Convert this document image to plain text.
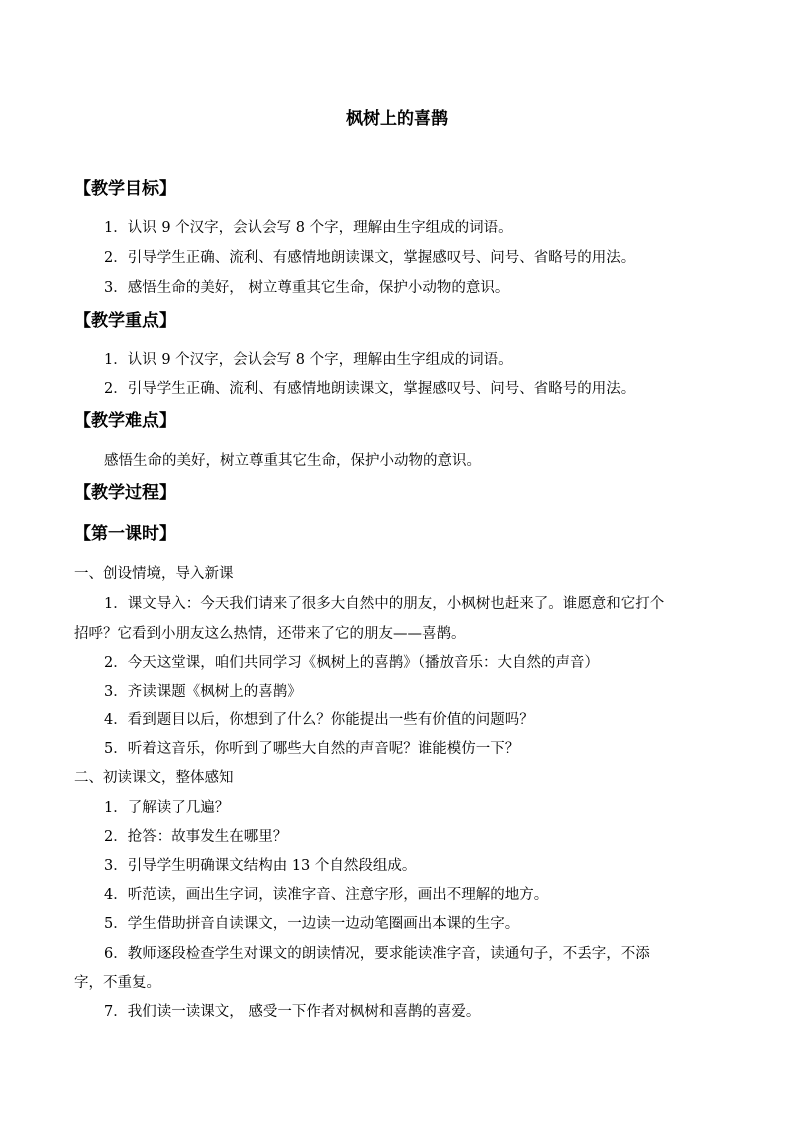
枫树上的喜鹊
【教学目标】
1．认识 9 个汉字，会认会写 8 个字，理解由生字组成的词语。
2．引导学生正确、流利、有感情地朗读课文，掌握感叹号、问号、省略号的用法。
3．感悟生命的美好， 树立尊重其它生命，保护小动物的意识。
【教学重点】
1．认识 9 个汉字，会认会写 8 个字，理解由生字组成的词语。
2．引导学生正确、流利、有感情地朗读课文，掌握感叹号、问号、省略号的用法。
【教学难点】
感悟生命的美好，树立尊重其它生命，保护小动物的意识。
【教学过程】
【第一课时】
一、创设情境，导入新课
1．课文导入：今天我们请来了很多大自然中的朋友，小枫树也赶来了。谁愿意和它打个
招呼？它看到小朋友这么热情，还带来了它的朋友——喜鹊。
2．今天这堂课，咱们共同学习《枫树上的喜鹊》（播放音乐：大自然的声音）
3．齐读课题《枫树上的喜鹊》
4．看到题目以后，你想到了什么？你能提出一些有价值的问题吗？
5．听着这音乐，你听到了哪些大自然的声音呢？谁能模仿一下？
二、初读课文，整体感知
1．了解读了几遍？
2．抢答：故事发生在哪里？
3．引导学生明确课文结构由 13 个自然段组成。
4．听范读，画出生字词，读准字音、注意字形，画出不理解的地方。
5．学生借助拼音自读课文，一边读一边动笔圈画出本课的生字。
6．教师逐段检查学生对课文的朗读情况，要求能读准字音，读通句子，不丢字，不添
字，不重复。
7．我们读一读课文， 感受一下作者对枫树和喜鹊的喜爱。
